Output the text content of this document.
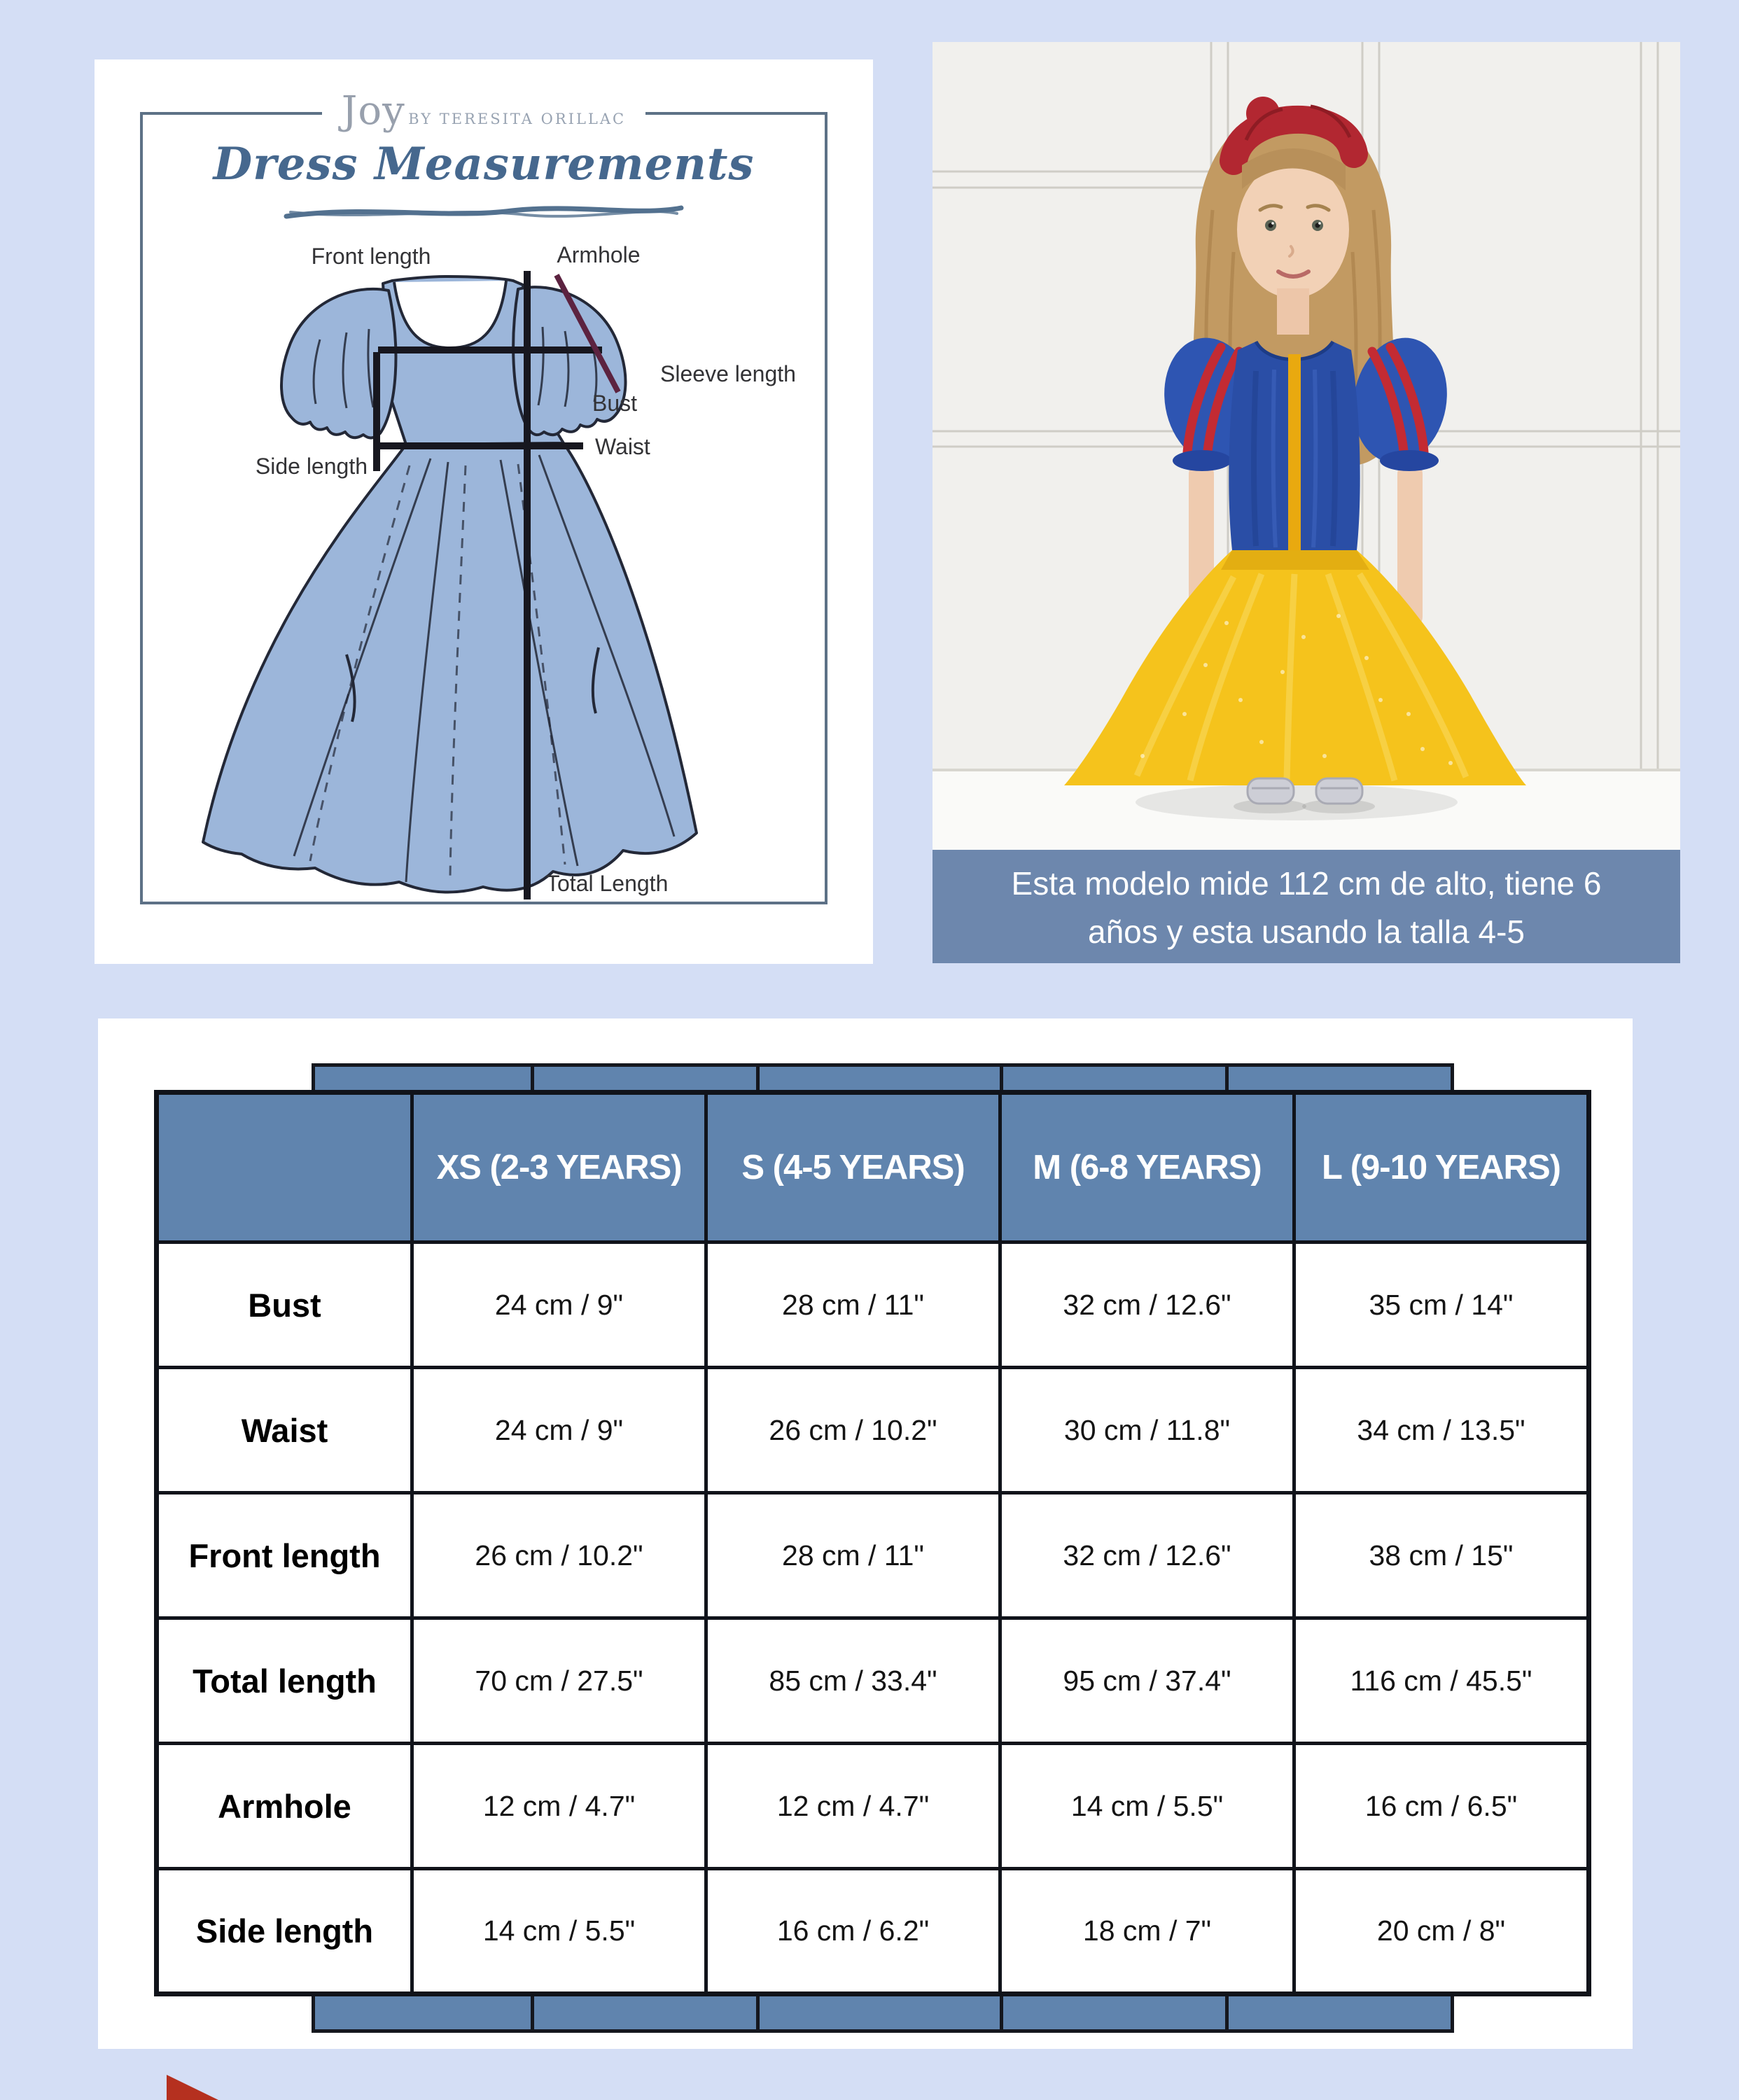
Joy BY TERESITA ORILLAC
Dress Measurements
Front length	Armhole
Sleeve length
Bust
Side length
Waist
Total Length	Esta modelo mide 112 cm de alto, tiene 6
años y esta usando la talla 4-5
	XS (2-3 YEARS)	S (4-5 YEARS)	M (6-8 YEARS)	L (9-10 YEARS)
Bust	24 cm / 9"	28 cm / 11"	32 cm / 12.6"	35 cm / 14"
Waist	24 cm / 9"	26 cm / 10.2"	30 cm / 11.8"	34 cm / 13.5"
Front length	26 cm / 10.2"	28 cm / 11"	32 cm / 12.6"	38 cm / 15"
Total length	70 cm / 27.5"	85 cm / 33.4"	95 cm / 37.4"	116 cm / 45.5"
Armhole	12 cm / 4.7"	12 cm / 4.7"	14 cm / 5.5"	16 cm / 6.5"
Side length	14 cm / 5.5"	16 cm / 6.2"	18 cm / 7"	20 cm / 8"
